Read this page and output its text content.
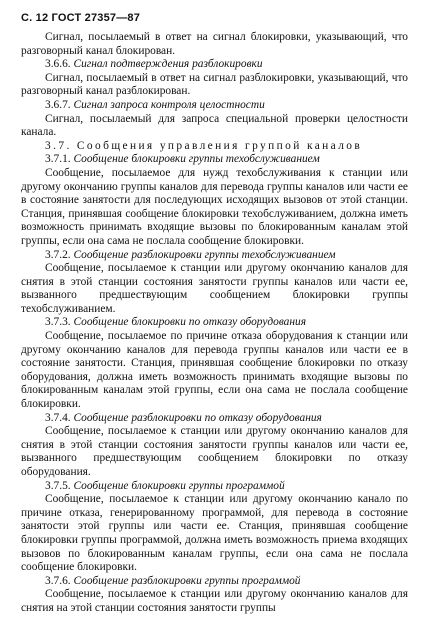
С. 12 ГОСТ 27357—87

Сигнал, посылаемый в ответ на сигнал блокировки, указывающий, что разговорный канал блокирован.

3.6.6. Сигнал подтверждения разблокировки

Сигнал, посылаемый в ответ на сигнал разблокировки, указывающий, что разговорный канал разблокирован.

3.6.7. Сигнал запроса контроля целостности

Сигнал, посылаемый для запроса специальной проверки целостности канала.

3.7. Сообщения управления группой каналов

3.7.1. Сообщение блокировки группы техобслуживанием

Сообщение, посылаемое для нужд техобслуживания к станции или другому окончанию группы каналов для перевода группы каналов или части ее в состояние занятости для последующих исходящих вызовов от этой станции. Станция, принявшая сообщение блокировки техобслуживанием, должна иметь возможность принимать входящие вызовы по блокированным каналам этой группы, если она сама не послала сообщение блокировки.

3.7.2. Сообщение разблокировки группы техобслуживанием

Сообщение, посылаемое к станции или другому окончанию каналов для снятия в этой станции состояния занятости группы каналов или части ее, вызванного предшествующим сообщением блокировки группы техобслуживанием.

3.7.3. Сообщение блокировки по отказу оборудования

Сообщение, посылаемое по причине отказа оборудования к станции или другому окончанию каналов для перевода группы каналов или части ее в состояние занятости. Станция, принявшая сообщение блокировки по отказу оборудования, должна иметь возможность принимать входящие вызовы по блокированным каналам этой группы, если она сама не послала сообщение блокировки.

3.7.4. Сообщение разблокировки по отказу оборудования

Сообщение, посылаемое к станции или другому окончанию каналов для снятия в этой станции состояния занятости группы каналов или части ее, вызванного предшествующим сообщением блокировки по отказу оборудования.

3.7.5. Сообщение блокировки группы программой

Сообщение, посылаемое к станции или другому окончанию канало по причине отказа, генерированному программой, для перевода в состояние занятости этой группы или части ее. Станция, принявшая сообщение блокировки группы программой, должна иметь возможность приема входящих вызовов по блокированным каналам группы, если она сама не послала сообщение блокировки.

3.7.6. Сообщение разблокировки группы программой

Сообщение, посылаемое к станции или другому окончанию каналов для снятия на этой станции состояния занятости группы
